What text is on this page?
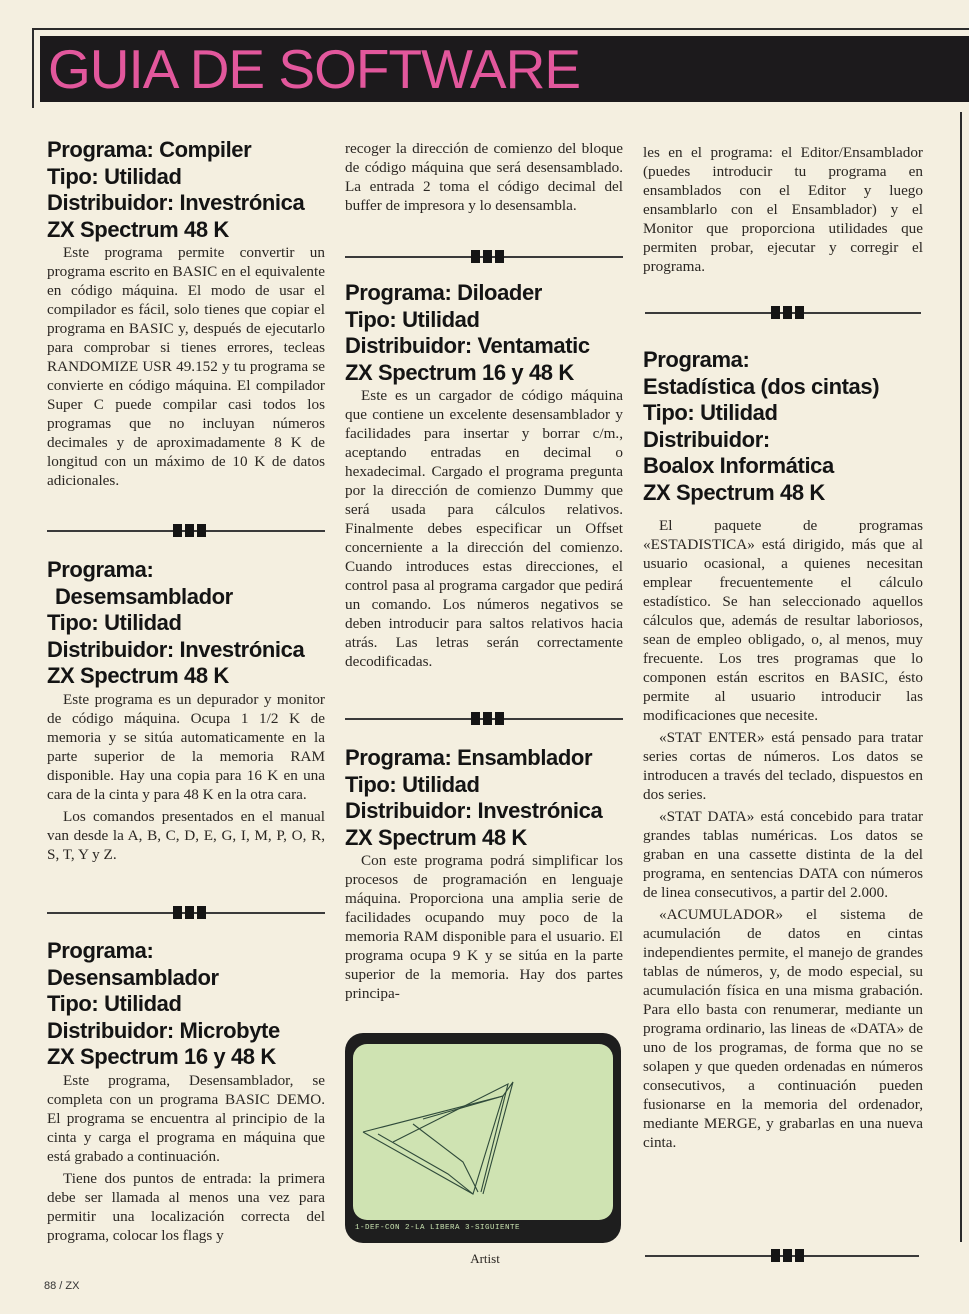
GUIA DE SOFTWARE
Programa: Compiler
Tipo: Utilidad
Distribuidor: Investrónica
ZX Spectrum 48 K

Este programa permite convertir un programa escrito en BASIC en el equivalente en código máquina. El modo de usar el compilador es fácil, solo tienes que copiar el programa en BASIC y, después de ejecutarlo para comprobar si tienes errores, tecleas RANDOMIZE USR 49.152 y tu programa se convierte en código máquina. El compilador Super C puede compilar casi todos los programas que no incluyan números decimales y de aproximadamente 8 K de longitud con un máximo de 10 K de datos adicionales.

Programa:
Desemsamblador
Tipo: Utilidad
Distribuidor: Investrónica
ZX Spectrum 48 K

Este programa es un depurador y monitor de código máquina. Ocupa 1 1/2 K de memoria y se sitúa automaticamente en la parte superior de la memoria RAM disponible. Hay una copia para 16 K en una cara de la cinta y para 48 K en la otra cara.

Los comandos presentados en el manual van desde la A, B, C, D, E, G, I, M, P, O, R, S, T, Y y Z.

Programa:
Desensamblador
Tipo: Utilidad
Distribuidor: Microbyte
ZX Spectrum 16 y 48 K

Este programa, Desensamblador, se completa con un programa BASIC DEMO. El programa se encuentra al principio de la cinta y carga el programa en máquina que está grabado a continuación.

Tiene dos puntos de entrada: la primera debe ser llamada al menos una vez para permitir una localización correcta del programa, colocar los flags y

recoger la dirección de comienzo del bloque de código máquina que será desensamblado. La entrada 2 toma el código decimal del buffer de impresora y lo desensambla.

Programa: Diloader
Tipo: Utilidad
Distribuidor: Ventamatic
ZX Spectrum 16 y 48 K

Este es un cargador de código máquina que contiene un excelente desensamblador y facilidades para insertar y borrar c/m., aceptando entradas en decimal o hexadecimal. Cargado el programa pregunta por la dirección de comienzo Dummy que será usada para cálculos relativos. Finalmente debes especificar un Offset concerniente a la dirección del comienzo. Cuando introduces estas direcciones, el control pasa al programa cargador que pedirá un comando. Los números negativos se deben introducir para saltos relativos hacia atrás. Las letras serán correctamente decodificadas.

Programa: Ensamblador
Tipo: Utilidad
Distribuidor: Investrónica
ZX Spectrum 48 K

Con este programa podrá simplificar los procesos de programación en lenguaje máquina. Proporciona una amplia serie de facilidades ocupando muy poco de la memoria RAM disponible para el usuario. El programa ocupa 9 K y se sitúa en la parte superior de la memoria. Hay dos partes principa-

1-DEF-CON 2-LA LIBERA 3-SIGUIENTE
Artist

les en el programa: el Editor/Ensamblador (puedes introducir tu programa en ensamblados con el Editor y luego ensamblarlo con el Ensamblador) y el Monitor que proporciona utilidades que permiten probar, ejecutar y corregir el programa.

Programa:
Estadística (dos cintas)
Tipo: Utilidad
Distribuidor:
Boalox Informática
ZX Spectrum 48 K

El paquete de programas «ESTADISTICA» está dirigido, más que al usuario ocasional, a quienes necesitan emplear frecuentemente el cálculo estadístico. Se han seleccionado aquellos cálculos que, además de resultar laboriosos, sean de empleo obligado, o, al menos, muy frecuente. Los tres programas que lo componen están escritos en BASIC, ésto permite al usuario introducir las modificaciones que necesite.

«STAT ENTER» está pensado para tratar series cortas de números. Los datos se introducen a través del teclado, dispuestos en dos series.

«STAT DATA» está concebido para tratar grandes tablas numéricas. Los datos se graban en una cassette distinta de la del programa, en sentencias DATA con números de linea consecutivos, a partir del 2.000.

«ACUMULADOR» el sistema de acumulación de datos en cintas independientes permite, el manejo de grandes tablas de números, y, de modo especial, su acumulación física en una misma grabación. Para ello basta con renumerar, mediante un programa ordinario, las lineas de «DATA» de uno de los programas, de forma que no se solapen y que queden ordenadas en números consecutivos, a continuación pueden fusionarse en la memoria del ordenador, mediante MERGE, y grabarlas en una nueva cinta.

88 / ZX
